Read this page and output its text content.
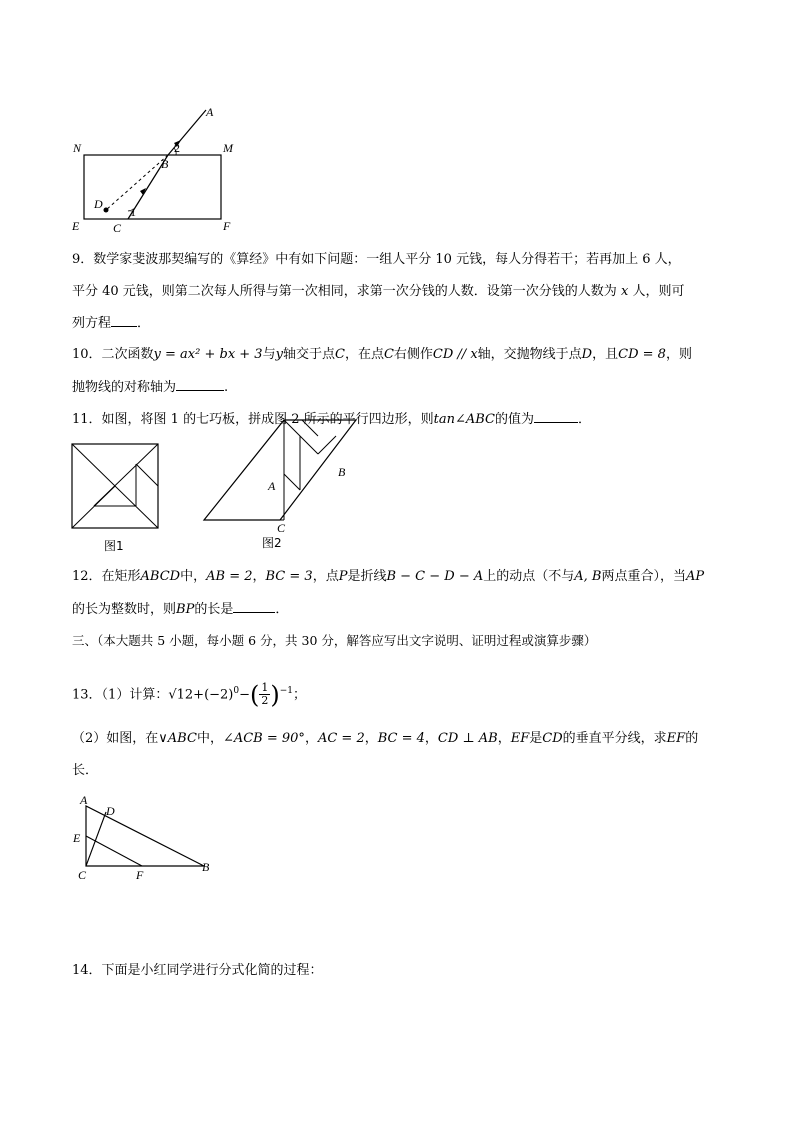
A
N	M
B
2
D
1
E	C	F
9．数学家斐波那契编写的《算经》中有如下问题：一组人平分 10 元钱，每人分得若干；若再加上 6 人，
平分 40 元钱，则第二次每人所得与第一次相同，求第一次分钱的人数．设第一次分钱的人数为 x 人，则可
列方程 ．
10．二次函数y = ax² + bx + 3与y轴交于点C，在点C右侧作CD // x轴，交抛物线于点D，且CD = 8，则
抛物线的对称轴为	.
11．如图，将图 1 的七巧板，拼成图 2 所示的平行四边形，则tan∠ABC的值为	．
图1
A
B
C
图2
12．在矩形ABCD中，AB = 2，BC = 3，点P是折线B − C − D − A上的动点（不与A, B两点重合），当AP
的长为整数时，则BP的长是	．
三、（本大题共 5 小题，每小题 6 分，共 30 分，解答应写出文字说明、证明过程或演算步骤）
13．（1）计算：$√12+(-2)^0-( \frac{1}{2} )^{-1}$；
（2）如图，在∨ABC中，∠ACB = 90°，AC = 2，BC = 4，CD ⊥ AB，EF是CD的垂直平分线，求EF的
长．
A
D
E
C	F
B
14．下面是小红同学进行分式化简的过程：
